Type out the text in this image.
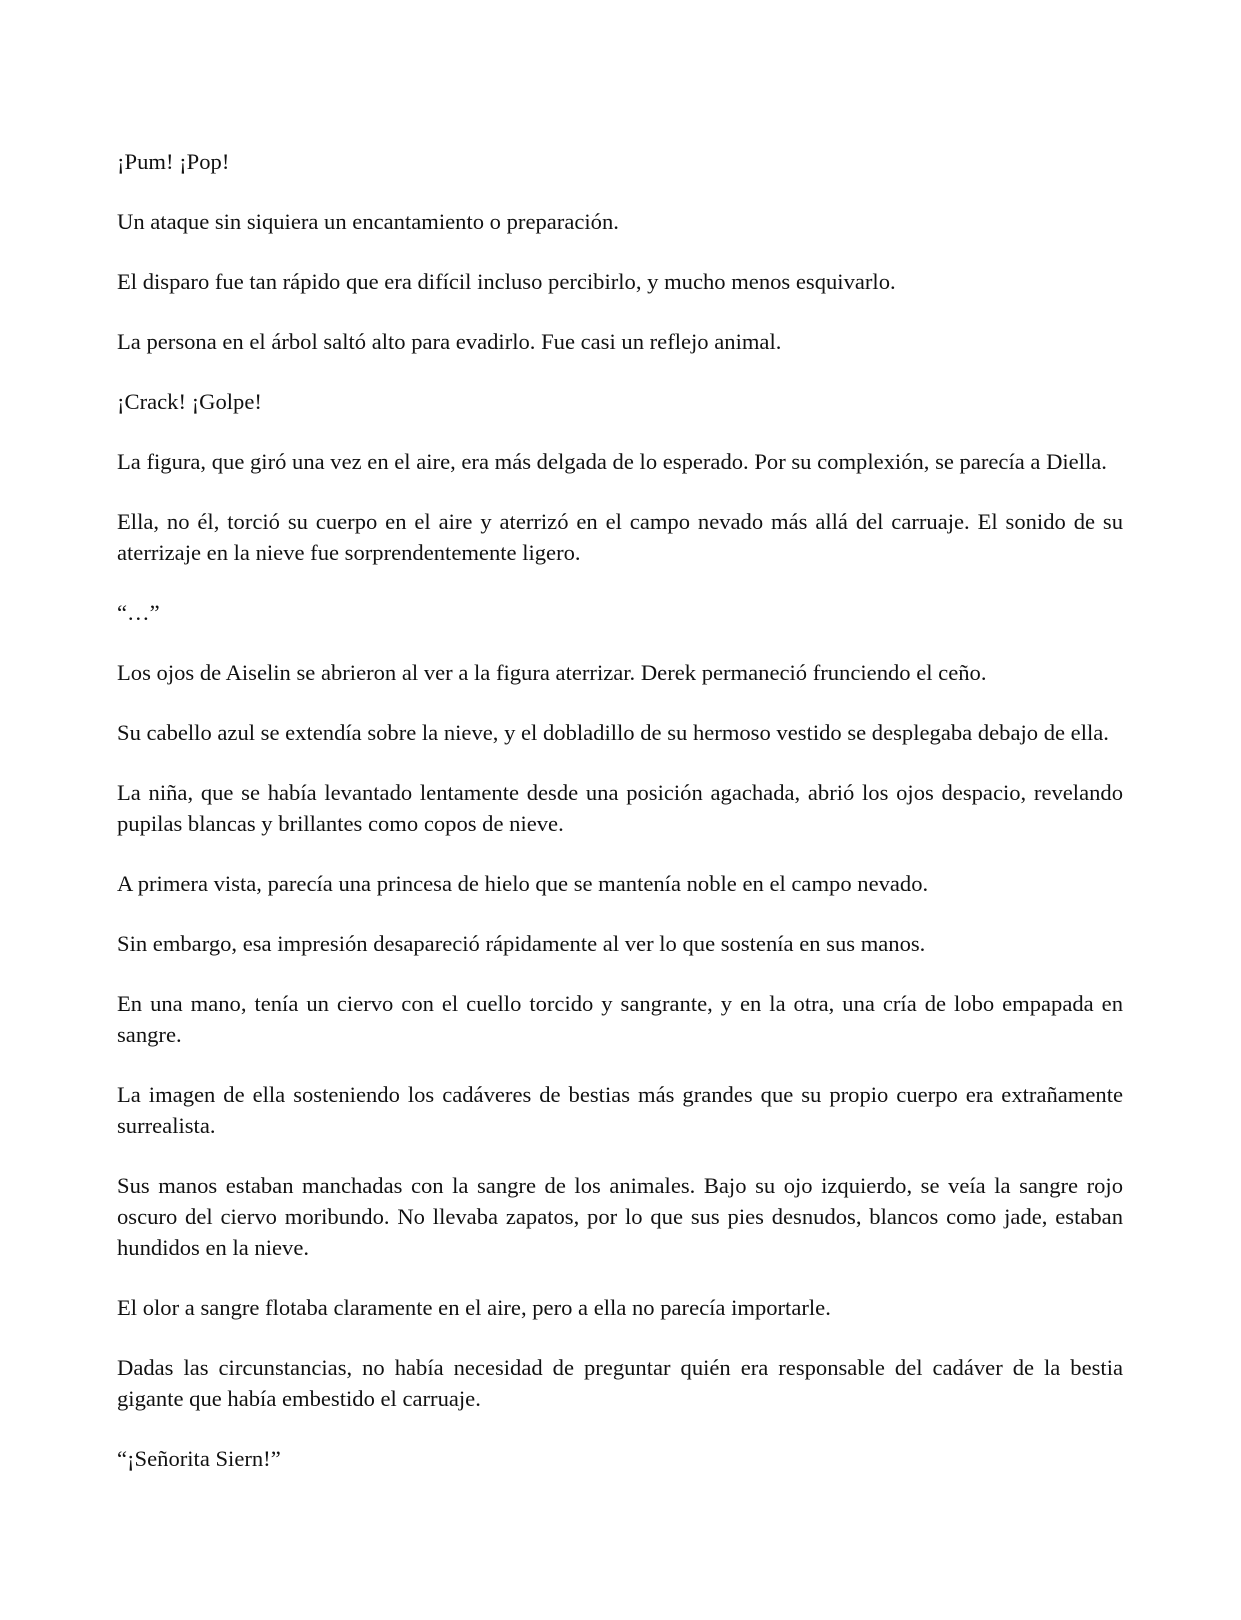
¡Pum! ¡Pop!

Un ataque sin siquiera un encantamiento o preparación.

El disparo fue tan rápido que era difícil incluso percibirlo, y mucho menos esquivarlo.

La persona en el árbol saltó alto para evadirlo. Fue casi un reflejo animal.

¡Crack! ¡Golpe!

La figura, que giró una vez en el aire, era más delgada de lo esperado. Por su complexión, se parecía a Diella.

Ella, no él, torció su cuerpo en el aire y aterrizó en el campo nevado más allá del carruaje. El sonido de su aterrizaje en la nieve fue sorprendentemente ligero.

“…”

Los ojos de Aiselin se abrieron al ver a la figura aterrizar. Derek permaneció frunciendo el ceño.

Su cabello azul se extendía sobre la nieve, y el dobladillo de su hermoso vestido se desplegaba debajo de ella.

La niña, que se había levantado lentamente desde una posición agachada, abrió los ojos despacio, revelando pupilas blancas y brillantes como copos de nieve.

A primera vista, parecía una princesa de hielo que se mantenía noble en el campo nevado.

Sin embargo, esa impresión desapareció rápidamente al ver lo que sostenía en sus manos.

En una mano, tenía un ciervo con el cuello torcido y sangrante, y en la otra, una cría de lobo empapada en sangre.

La imagen de ella sosteniendo los cadáveres de bestias más grandes que su propio cuerpo era extrañamente surrealista.

Sus manos estaban manchadas con la sangre de los animales. Bajo su ojo izquierdo, se veía la sangre rojo oscuro del ciervo moribundo. No llevaba zapatos, por lo que sus pies desnudos, blancos como jade, estaban hundidos en la nieve.

El olor a sangre flotaba claramente en el aire, pero a ella no parecía importarle.

Dadas las circunstancias, no había necesidad de preguntar quién era responsable del cadáver de la bestia gigante que había embestido el carruaje.

“¡Señorita Siern!”
